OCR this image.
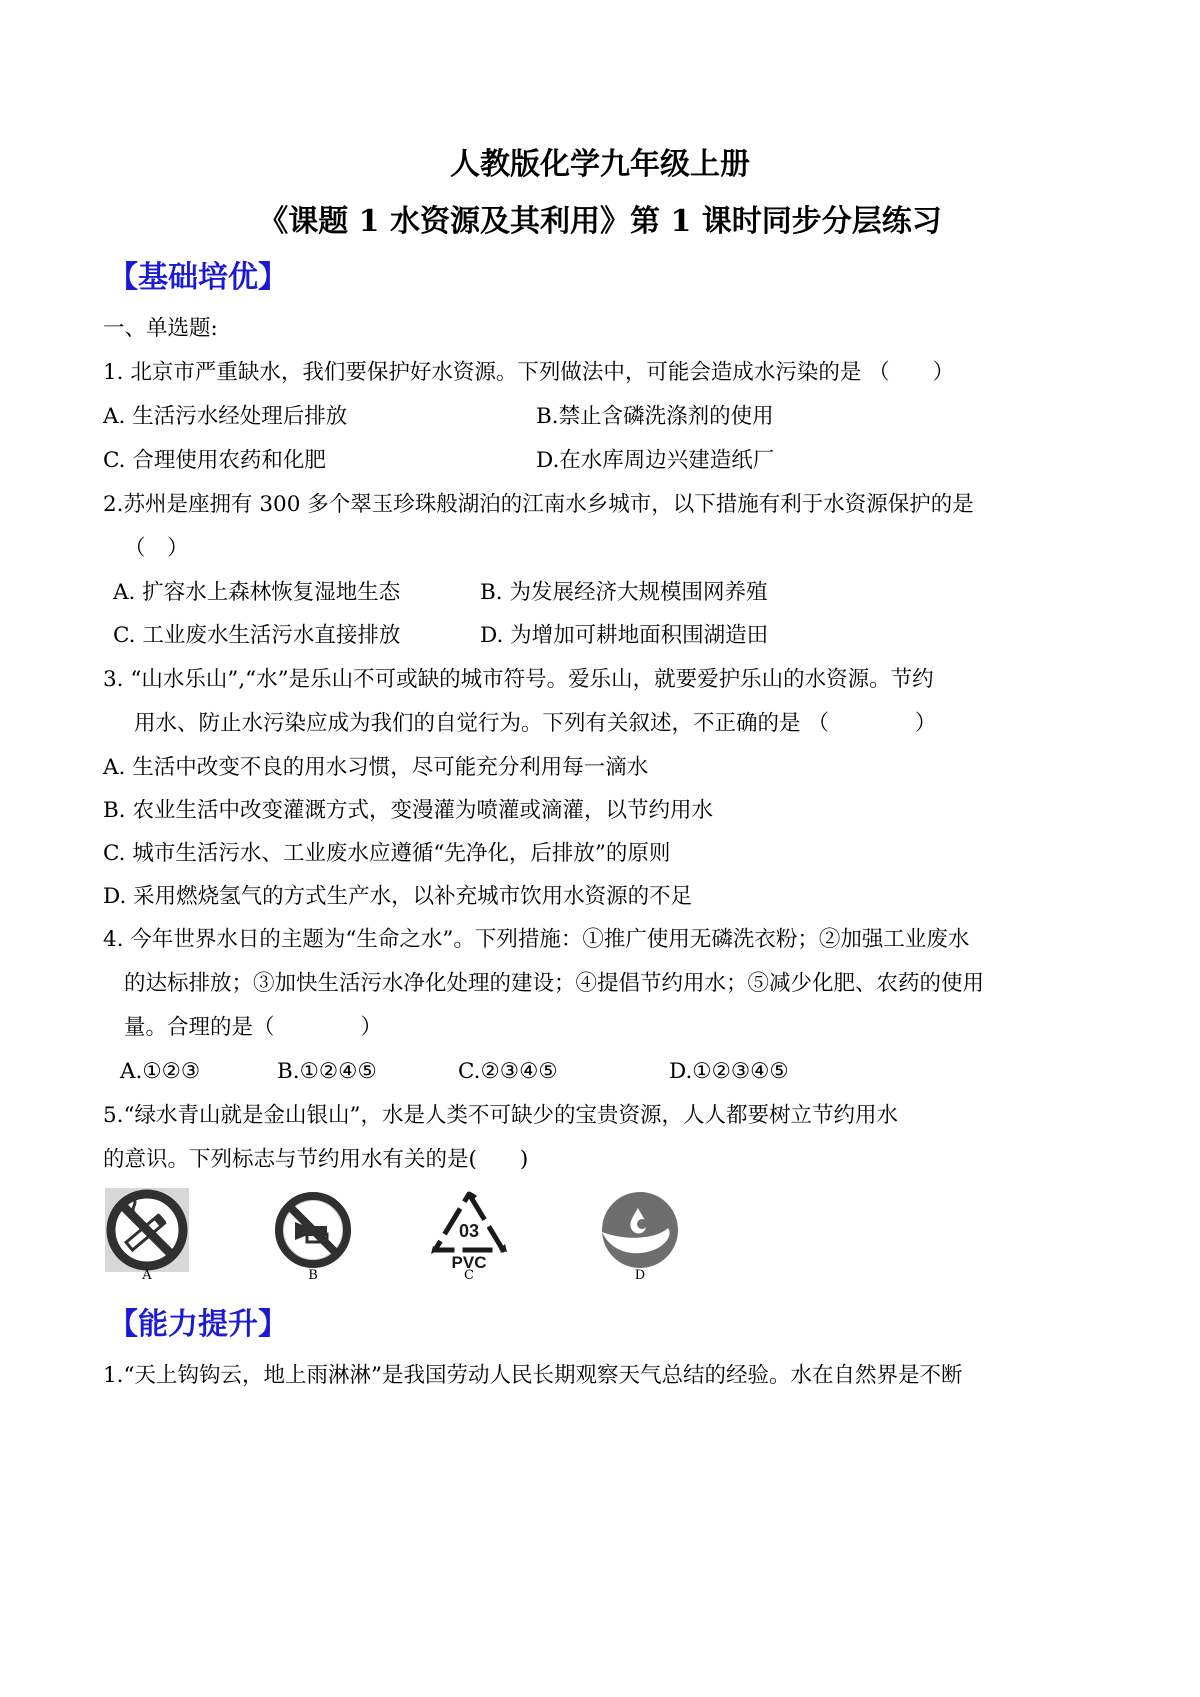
人教版化学九年级上册
《课题 1 水资源及其利用》第 1 课时同步分层练习
【基础培优】
一、单选题:
1. 北京市严重缺水，我们要保护好水资源。下列做法中，可能会造成水污染的是 （　　）
A. 生活污水经处理后排放	B.禁止含磷洗涤剂的使用
C. 合理使用农药和化肥	D.在水库周边兴建造纸厂
2.苏州是座拥有 300 多个翠玉珍珠般湖泊的江南水乡城市，以下措施有利于水资源保护的是
（　）
A. 扩容水上森林恢复湿地生态	B. 为发展经济大规模围网养殖
C. 工业废水生活污水直接排放	D. 为增加可耕地面积围湖造田
3. “山水乐山”,“水”是乐山不可或缺的城市符号。爱乐山，就要爱护乐山的水资源。节约
用水、防止水污染应成为我们的自觉行为。下列有关叙述，不正确的是 （　　　　）
A. 生活中改变不良的用水习惯，尽可能充分利用每一滴水
B. 农业生活中改变灌溉方式，变漫灌为喷灌或滴灌，以节约用水
C. 城市生活污水、工业废水应遵循“先净化，后排放”的原则
D. 采用燃烧氢气的方式生产水，以补充城市饮用水资源的不足
4. 今年世界水日的主题为“生命之水”。下列措施：①推广使用无磷洗衣粉；②加强工业废水
的达标排放；③加快生活污水净化处理的建设；④提倡节约用水；⑤减少化肥、农药的使用
量。合理的是（　　　　）
A.①②③	B.①②④⑤	C.②③④⑤	D.①②③④⑤
5.“绿水青山就是金山银山”，水是人类不可缺少的宝贵资源，人人都要树立节约用水
的意识。下列标志与节约用水有关的是(　　)
A	B
03
PVC
C	D
【能力提升】
1.“天上钩钩云，地上雨淋淋”是我国劳动人民长期观察天气总结的经验。水在自然界是不断
